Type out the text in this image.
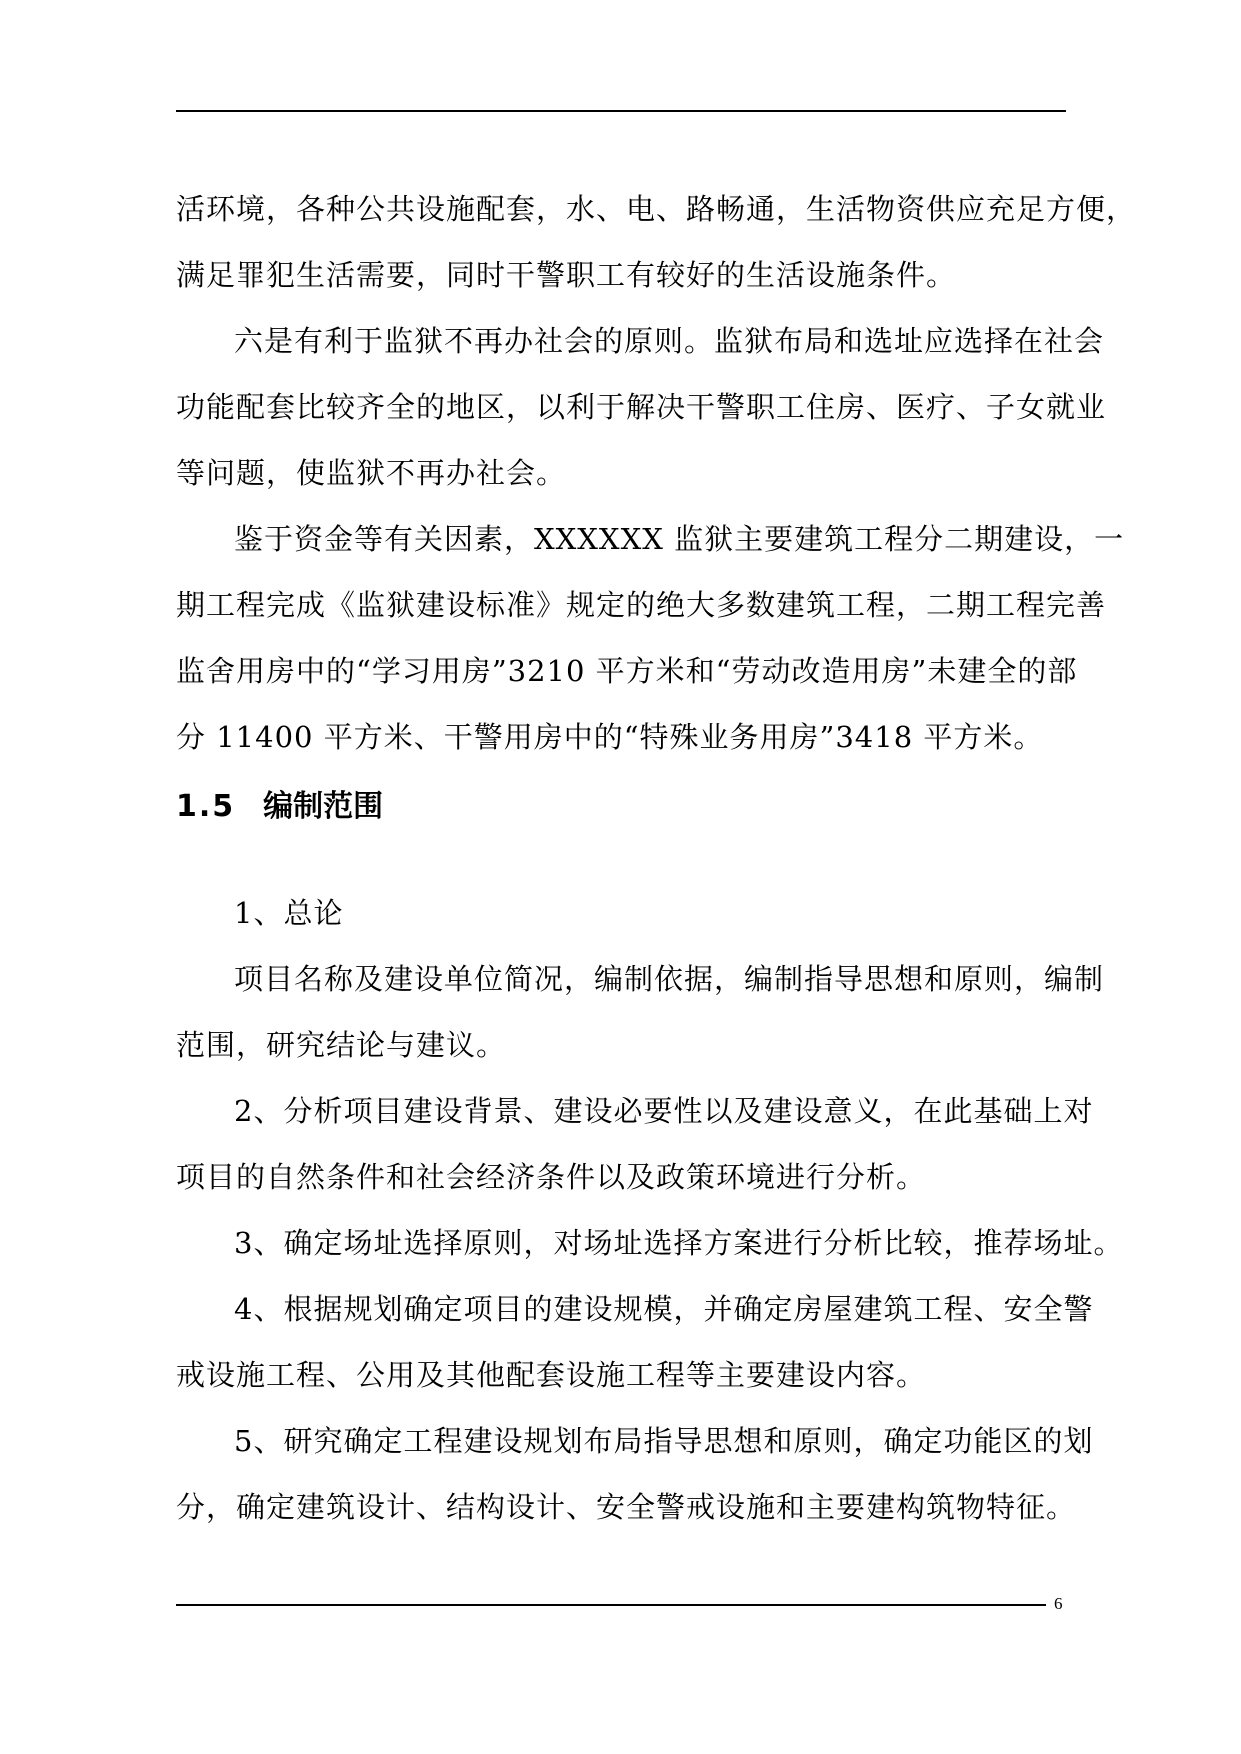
活环境，各种公共设施配套，水、电、路畅通，生活物资供应充足方便，
满足罪犯生活需要，同时干警职工有较好的生活设施条件。
六是有利于监狱不再办社会的原则。监狱布局和选址应选择在社会
功能配套比较齐全的地区，以利于解决干警职工住房、医疗、子女就业
等问题，使监狱不再办社会。
鉴于资金等有关因素，XXXXXX 监狱主要建筑工程分二期建设，一
期工程完成《监狱建设标准》规定的绝大多数建筑工程，二期工程完善
监舍用房中的“学习用房”3210 平方米和“劳动改造用房”未建全的部
分 11400 平方米、干警用房中的“特殊业务用房”3418 平方米。
1.5 编制范围
1、总论
项目名称及建设单位简况，编制依据，编制指导思想和原则，编制
范围，研究结论与建议。
2、分析项目建设背景、建设必要性以及建设意义，在此基础上对
项目的自然条件和社会经济条件以及政策环境进行分析。
3、确定场址选择原则，对场址选择方案进行分析比较，推荐场址。
4、根据规划确定项目的建设规模，并确定房屋建筑工程、安全警
戒设施工程、公用及其他配套设施工程等主要建设内容。
5、研究确定工程建设规划布局指导思想和原则，确定功能区的划
分，确定建筑设计、结构设计、安全警戒设施和主要建构筑物特征。
6
